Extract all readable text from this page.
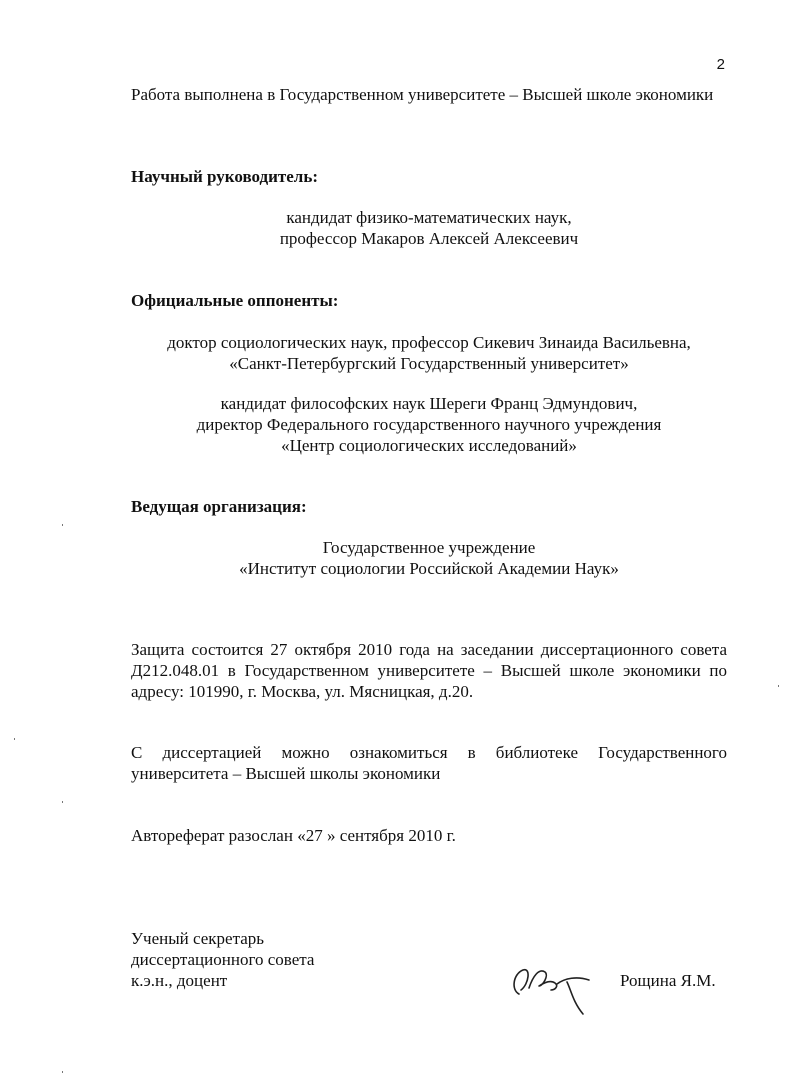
2
Работа выполнена в Государственном университете – Высшей школе экономики
Научный руководитель:
кандидат физико-математических наук,
профессор Макаров Алексей Алексеевич
Официальные оппоненты:
доктор социологических наук, профессор Сикевич Зинаида Васильевна,
«Санкт-Петербургский Государственный университет»
кандидат философских наук Шереги Франц Эдмундович,
директор Федерального государственного научного учреждения
«Центр социологических исследований»
Ведущая организация:
Государственное учреждение
«Институт социологии Российской Академии Наук»
Защита состоится 27 октября 2010 года на заседании диссертационного совета Д212.048.01 в Государственном университете – Высшей школе экономики по адресу: 101990, г. Москва, ул. Мясницкая, д.20.
С диссертацией можно ознакомиться в библиотеке Государственного университета – Высшей школы экономики
Автореферат разослан «27 » сентября 2010 г.
Ученый секретарь
диссертационного совета
к.э.н., доцент	Рощина Я.М.
